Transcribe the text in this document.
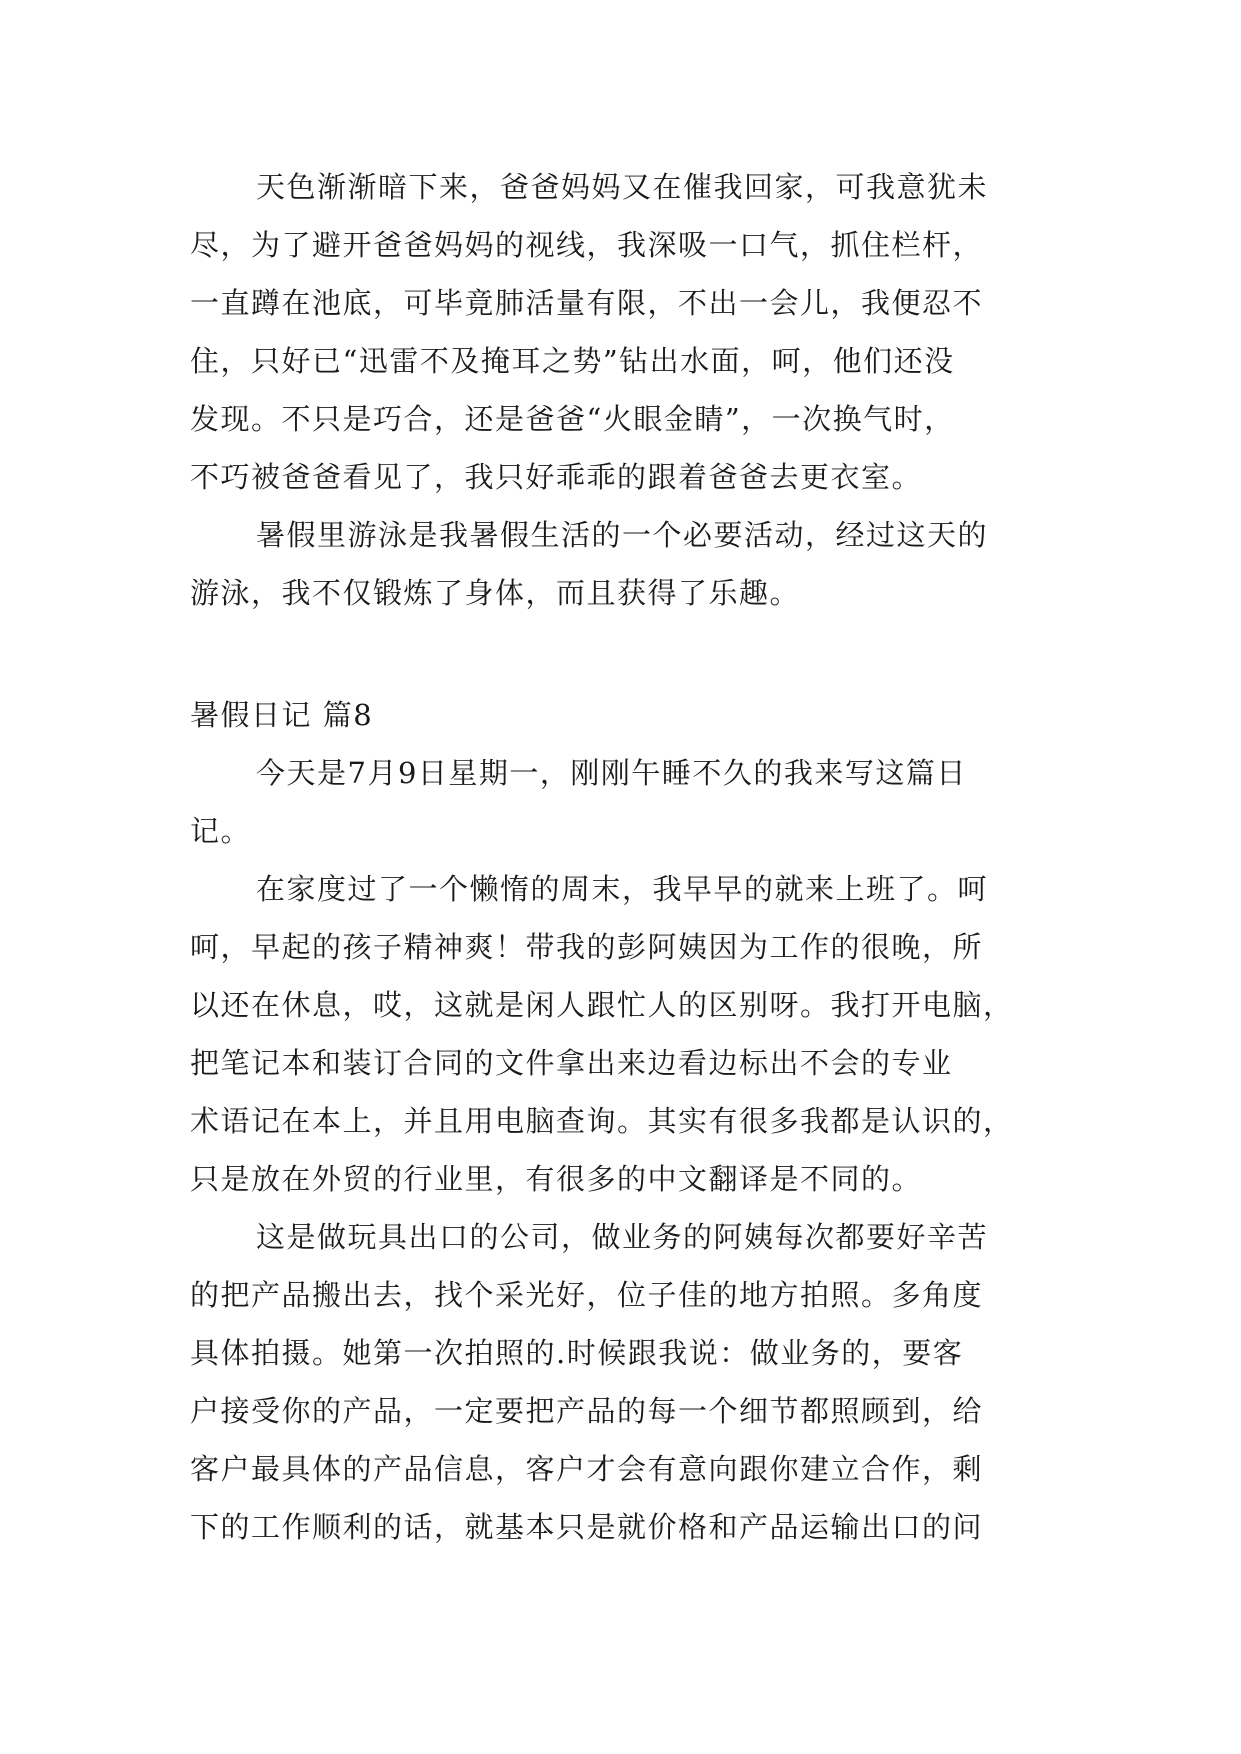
天色渐渐暗下来，爸爸妈妈又在催我回家，可我意犹未
尽，为了避开爸爸妈妈的视线，我深吸一口气，抓住栏杆，
一直蹲在池底，可毕竟肺活量有限，不出一会儿，我便忍不
住，只好已“迅雷不及掩耳之势”钻出水面，呵，他们还没
发现。不只是巧合，还是爸爸“火眼金睛”，一次换气时，
不巧被爸爸看见了，我只好乖乖的跟着爸爸去更衣室。
暑假里游泳是我暑假生活的一个必要活动，经过这天的
游泳，我不仅锻炼了身体，而且获得了乐趣。
暑假日记 篇8
今天是7月9日星期一，刚刚午睡不久的我来写这篇日
记。
在家度过了一个懒惰的周末，我早早的就来上班了。呵
呵，早起的孩子精神爽！带我的彭阿姨因为工作的很晚，所
以还在休息，哎，这就是闲人跟忙人的区别呀。我打开电脑，
把笔记本和装订合同的文件拿出来边看边标出不会的专业
术语记在本上，并且用电脑查询。其实有很多我都是认识的，
只是放在外贸的行业里，有很多的中文翻译是不同的。
这是做玩具出口的公司，做业务的阿姨每次都要好辛苦
的把产品搬出去，找个采光好，位子佳的地方拍照。多角度
具体拍摄。她第一次拍照的.时候跟我说：做业务的，要客
户接受你的产品，一定要把产品的每一个细节都照顾到，给
客户最具体的产品信息，客户才会有意向跟你建立合作，剩
下的工作顺利的话，就基本只是就价格和产品运输出口的问
